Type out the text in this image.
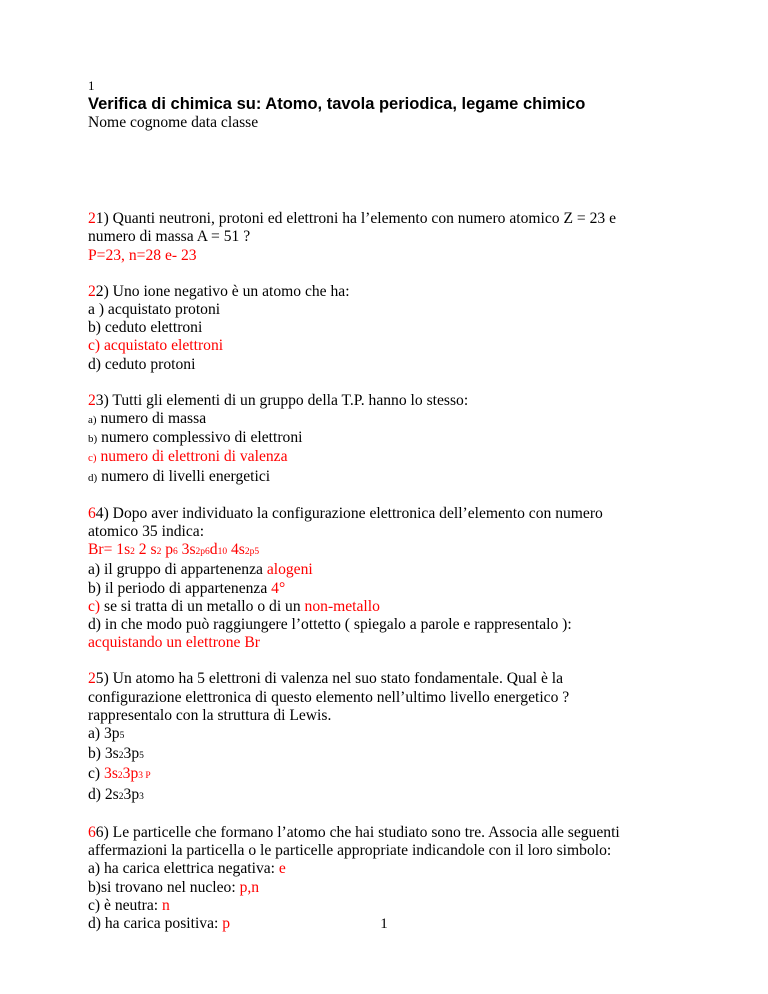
1
Verifica di chimica su: Atomo, tavola periodica, legame chimico
Nome cognome data classe
21) Quanti neutroni, protoni ed elettroni ha l’elemento con numero atomico Z = 23 e
numero di massa A = 51 ?
P=23, n=28 e- 23
22) Uno ione negativo è un atomo che ha:
a ) acquistato protoni
b) ceduto elettroni
c) acquistato elettroni
d) ceduto protoni
23) Tutti gli elementi di un gruppo della T.P. hanno lo stesso:
a) numero di massa
b) numero complessivo di elettroni
c) numero di elettroni di valenza
d) numero di livelli energetici
64) Dopo aver individuato la configurazione elettronica dell’elemento con numero
atomico 35 indica:
Br= 1s2 2 s2 p6 3s2p6d10 4s2p5
a) il gruppo di appartenenza alogeni
b) il periodo di appartenenza 4°
c) se si tratta di un metallo o di un non-metallo
d) in che modo può raggiungere l’ottetto ( spiegalo a parole e rappresentalo ):
acquistando un elettrone Br
25) Un atomo ha 5 elettroni di valenza nel suo stato fondamentale. Qual è la
configurazione elettronica di questo elemento nell’ultimo livello energetico ?
rappresentalo con la struttura di Lewis.
a) 3p5
b) 3s23p5
c) 3s23p3 P
d) 2s23p3
66) Le particelle che formano l’atomo che hai studiato sono tre. Associa alle seguenti
affermazioni la particella o le particelle appropriate indicandole con il loro simbolo:
a) ha carica elettrica negativa: e
b)si trovano nel nucleo: p,n
c) è neutra: n
d) ha carica positiva: p	1
